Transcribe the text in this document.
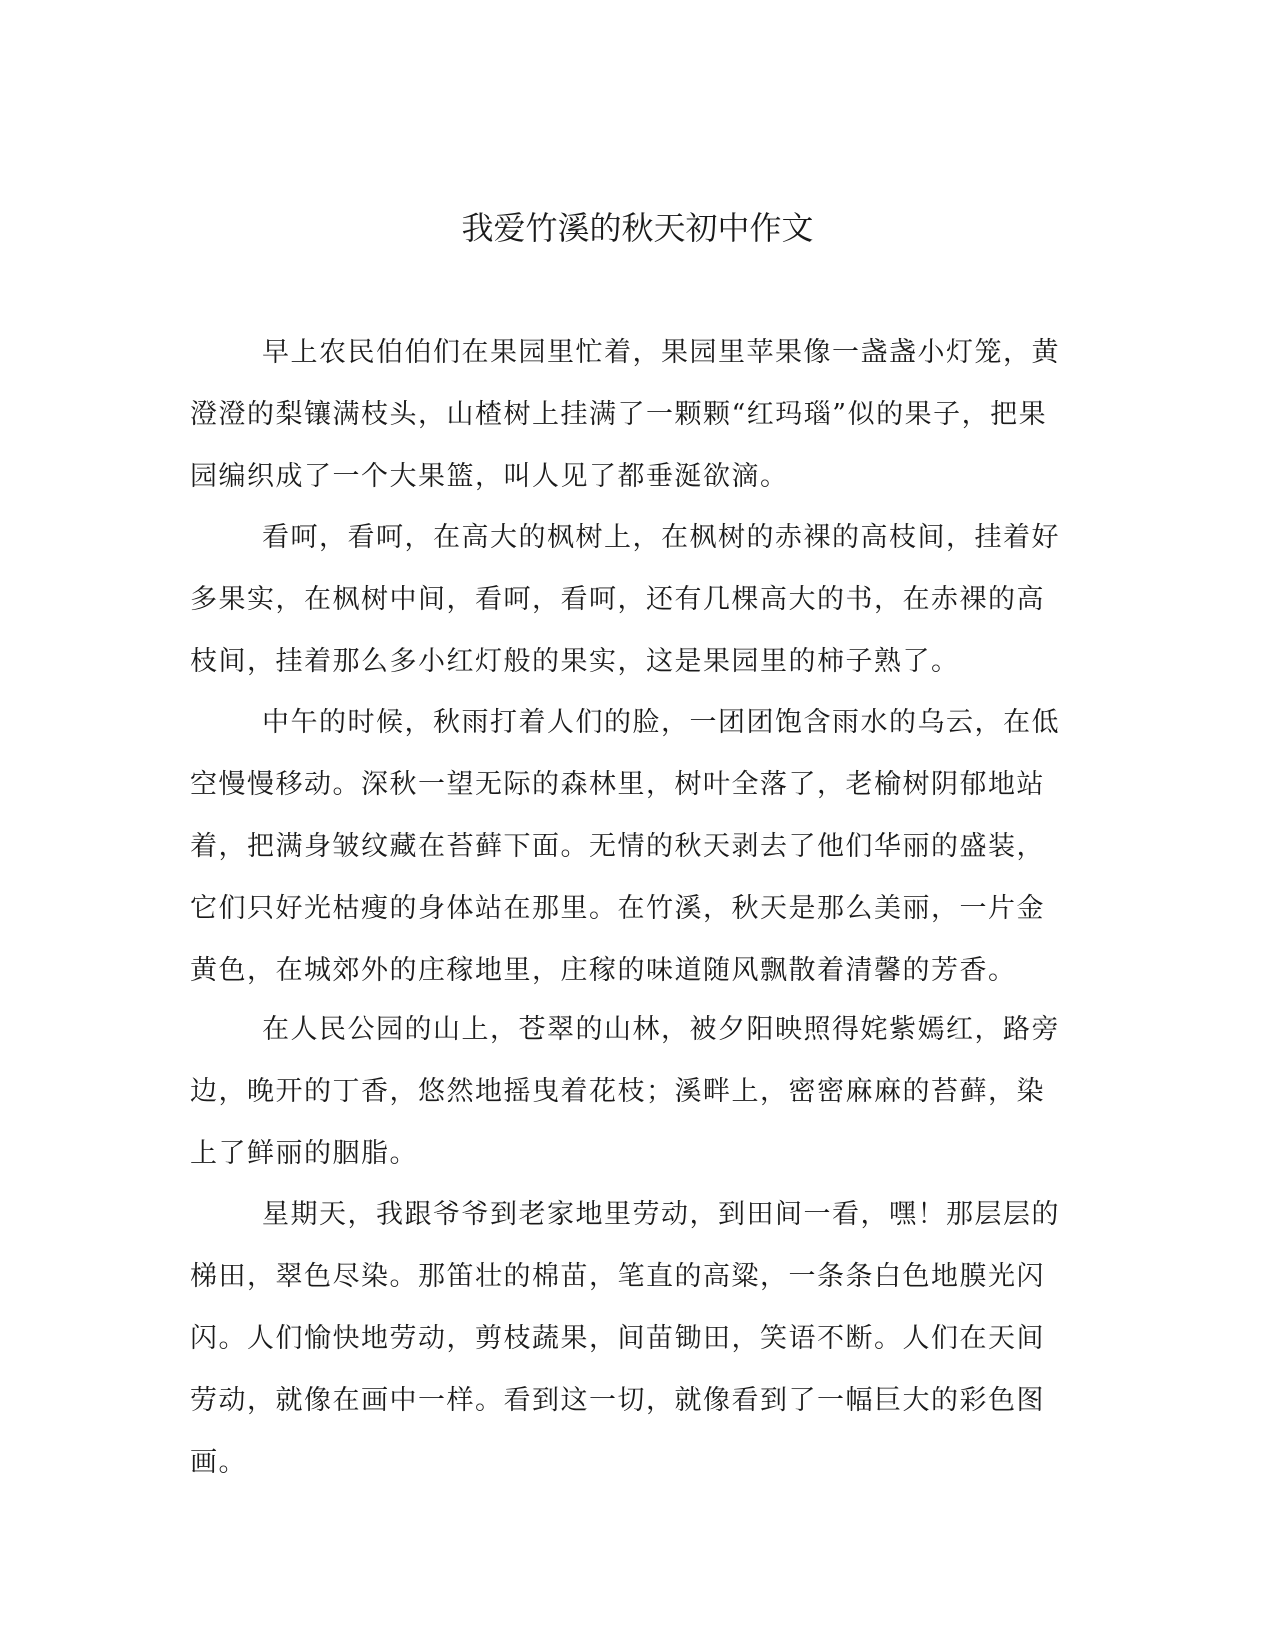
我爱竹溪的秋天初中作文

早上农民伯伯们在果园里忙着，果园里苹果像一盏盏小灯笼，黄
澄澄的梨镶满枝头，山楂树上挂满了一颗颗“红玛瑙”似的果子，把果
园编织成了一个大果篮，叫人见了都垂涎欲滴。

看呵，看呵，在高大的枫树上，在枫树的赤裸的高枝间，挂着好
多果实，在枫树中间，看呵，看呵，还有几棵高大的书，在赤裸的高
枝间，挂着那么多小红灯般的果实，这是果园里的柿子熟了。

中午的时候，秋雨打着人们的脸，一团团饱含雨水的乌云，在低
空慢慢移动。深秋一望无际的森林里，树叶全落了，老榆树阴郁地站
着，把满身皱纹藏在苔藓下面。无情的秋天剥去了他们华丽的盛装，
它们只好光枯瘦的身体站在那里。在竹溪，秋天是那么美丽，一片金
黄色，在城郊外的庄稼地里，庄稼的味道随风飘散着清馨的芳香。

在人民公园的山上，苍翠的山林，被夕阳映照得姹紫嫣红，路旁
边，晚开的丁香，悠然地摇曳着花枝；溪畔上，密密麻麻的苔藓，染
上了鲜丽的胭脂。

星期天，我跟爷爷到老家地里劳动，到田间一看，嘿！那层层的
梯田，翠色尽染。那笛壮的棉苗，笔直的高粱，一条条白色地膜光闪
闪。人们愉快地劳动，剪枝蔬果，间苗锄田，笑语不断。人们在天间
劳动，就像在画中一样。看到这一切，就像看到了一幅巨大的彩色图
画。
